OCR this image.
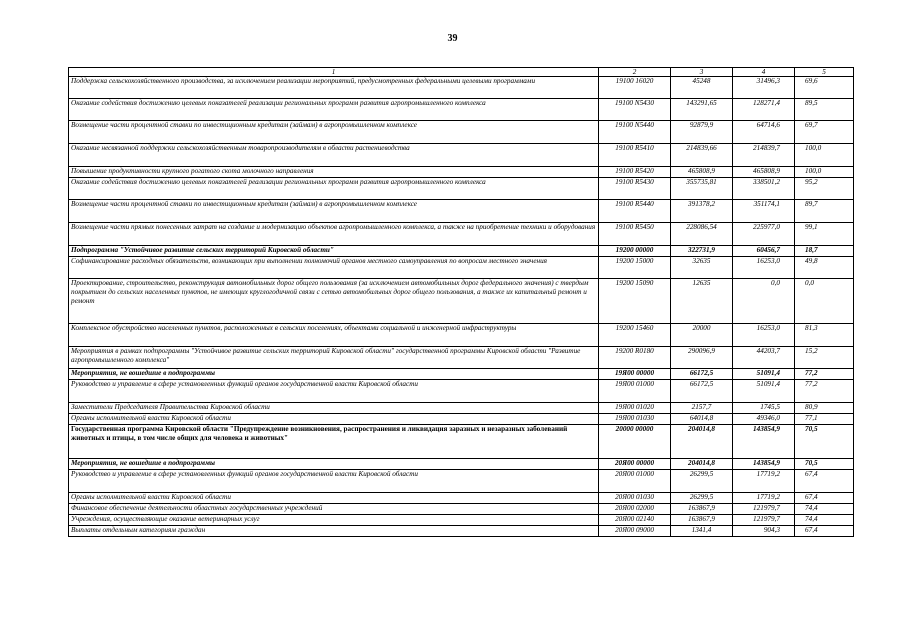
39
1	2	3	4	5
Поддержка сельскохозяйственного производства, за исключением реализации мероприятий, предусмотренных федеральными целевыми программами	19100 16020	45248	31496,3	69,6
Оказание содействия достижению целевых показателей реализации региональных программ развития агропромышленного комплекса	19100 N5430	143291,65	128271,4	89,5
Возмещение части процентной ставки по инвестиционным кредитам (займам) в агропромышленном комплексе	19100 N5440	92879,9	64714,6	69,7
Оказание несвязанной поддержки сельскохозяйственным товаропроизводителям в области растениеводства	19100 R5410	214839,66	214839,7	100,0
Повышение продуктивности крупного рогатого скота молочного направления	19100 R5420	465808,9	465808,9	100,0
Оказание содействия достижению целевых показателей реализации региональных программ развития агропромышленного комплекса	19100 R5430	355735,81	338501,2	95,2
Возмещение части процентной ставки по инвестиционным кредитам (займам) в агропромышленном комплексе	19100 R5440	391378,2	351174,1	89,7
Возмещение части прямых понесенных затрат на создание и модернизацию объектов агропромышленного комплекса, а также на приобретение техники и оборудования	19100 R5450	228086,54	225977,0	99,1
Подпрограмма "Устойчивое развитие сельских территорий Кировской области"	19200 00000	322731,9	60456,7	18,7
Софинансирование расходных обязательств, возникающих при выполнении полномочий органов местного самоуправления по вопросам местного значения	19200 15000	32635	16253,0	49,8
Проектирование, строительство, реконструкция автомобильных дорог общего пользования (за исключением автомобильных дорог федерального значения) с твердым покрытием до сельских населенных пунктов, не имеющих круглогодичной связи с сетью автомобильных дорог общего пользования, а также их капитальный ремонт и ремонт	19200 15090	12635	0,0	0,0
Комплексное обустройство населенных пунктов, расположенных в сельских поселениях, объектами социальной и инженерной инфраструктуры	19200 15460	20000	16253,0	81,3
Мероприятия в рамках подпрограммы "Устойчивое развитие сельских территорий Кировской области" государственной программы Кировской области "Развитие агропромышленного комплекса"	19200 R0180	290096,9	44203,7	15,2
Мероприятия, не вошедшие в подпрограммы	19Я00 00000	66172,5	51091,4	77,2
Руководство и управление в сфере установленных функций органов государственной власти Кировской области	19Я00 01000	66172,5	51091,4	77,2
Заместители Председателя Правительства Кировской области	19Я00 01020	2157,7	1745,5	80,9
Органы исполнительной власти Кировской области	19Я00 01030	64014,8	49346,0	77,1
Государственная программа Кировской области "Предупреждение возникновения, распространения и ликвидация заразных и незаразных заболеваний животных и птицы, в том числе общих для человека и животных"	20000 00000	204014,8	143854,9	70,5
Мероприятия, не вошедшие в подпрограммы	20Я00 00000	204014,8	143854,9	70,5
Руководство и управление в сфере установленных функций органов государственной власти Кировской области	20Я00 01000	26299,5	17719,2	67,4
Органы исполнительной власти Кировской области	20Я00 01030	26299,5	17719,2	67,4
Финансовое обеспечение деятельности областных государственных учреждений	20Я00 02000	163867,9	121979,7	74,4
Учреждения, осуществляющие оказание ветеринарных услуг	20Я00 02140	163867,9	121979,7	74,4
Выплаты отдельным категориям граждан	20Я00 09000	1341,4	904,3	67,4
